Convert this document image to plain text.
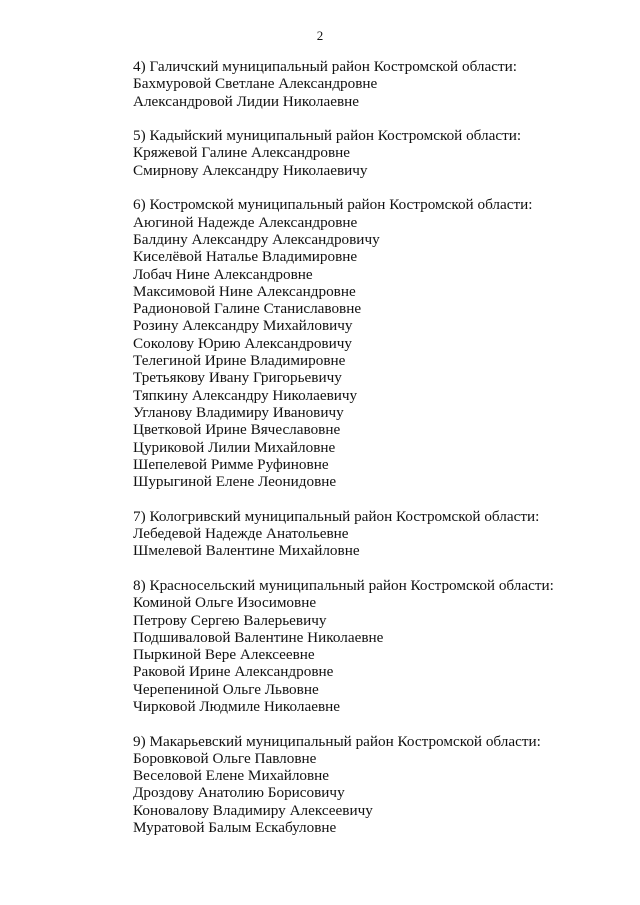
2
4) Галичский муниципальный район Костромской области:
Бахмуровой Светлане Александровне
Александровой Лидии Николаевне
5) Кадыйский муниципальный район Костромской области:
Кряжевой Галине Александровне
Смирнову Александру Николаевичу
6) Костромской муниципальный район Костромской области:
Аюгиной Надежде Александровне
Балдину Александру Александровичу
Киселёвой Наталье Владимировне
Лобач Нине Александровне
Максимовой Нине Александровне
Радионовой Галине Станиславовне
Розину Александру Михайловичу
Соколову Юрию Александровичу
Телегиной Ирине Владимировне
Третьякову Ивану Григорьевичу
Тяпкину Александру Николаевичу
Угланову Владимиру Ивановичу
Цветковой Ирине Вячеславовне
Цуриковой Лилии Михайловне
Шепелевой Римме Руфиновне
Шурыгиной Елене Леонидовне
7) Кологривский муниципальный район Костромской области:
Лебедевой Надежде Анатольевне
Шмелевой Валентине Михайловне
8) Красносельский муниципальный район Костромской области:
Коминой Ольге Изосимовне
Петрову Сергею Валерьевичу
Подшиваловой Валентине Николаевне
Пыркиной Вере Алексеевне
Раковой Ирине Александровне
Черепениной Ольге Львовне
Чирковой Людмиле Николаевне
9) Макарьевский муниципальный район Костромской области:
Боровковой Ольге Павловне
Веселовой Елене Михайловне
Дроздову Анатолию Борисовичу
Коновалову Владимиру Алексеевичу
Муратовой Балым Ескабуловне
